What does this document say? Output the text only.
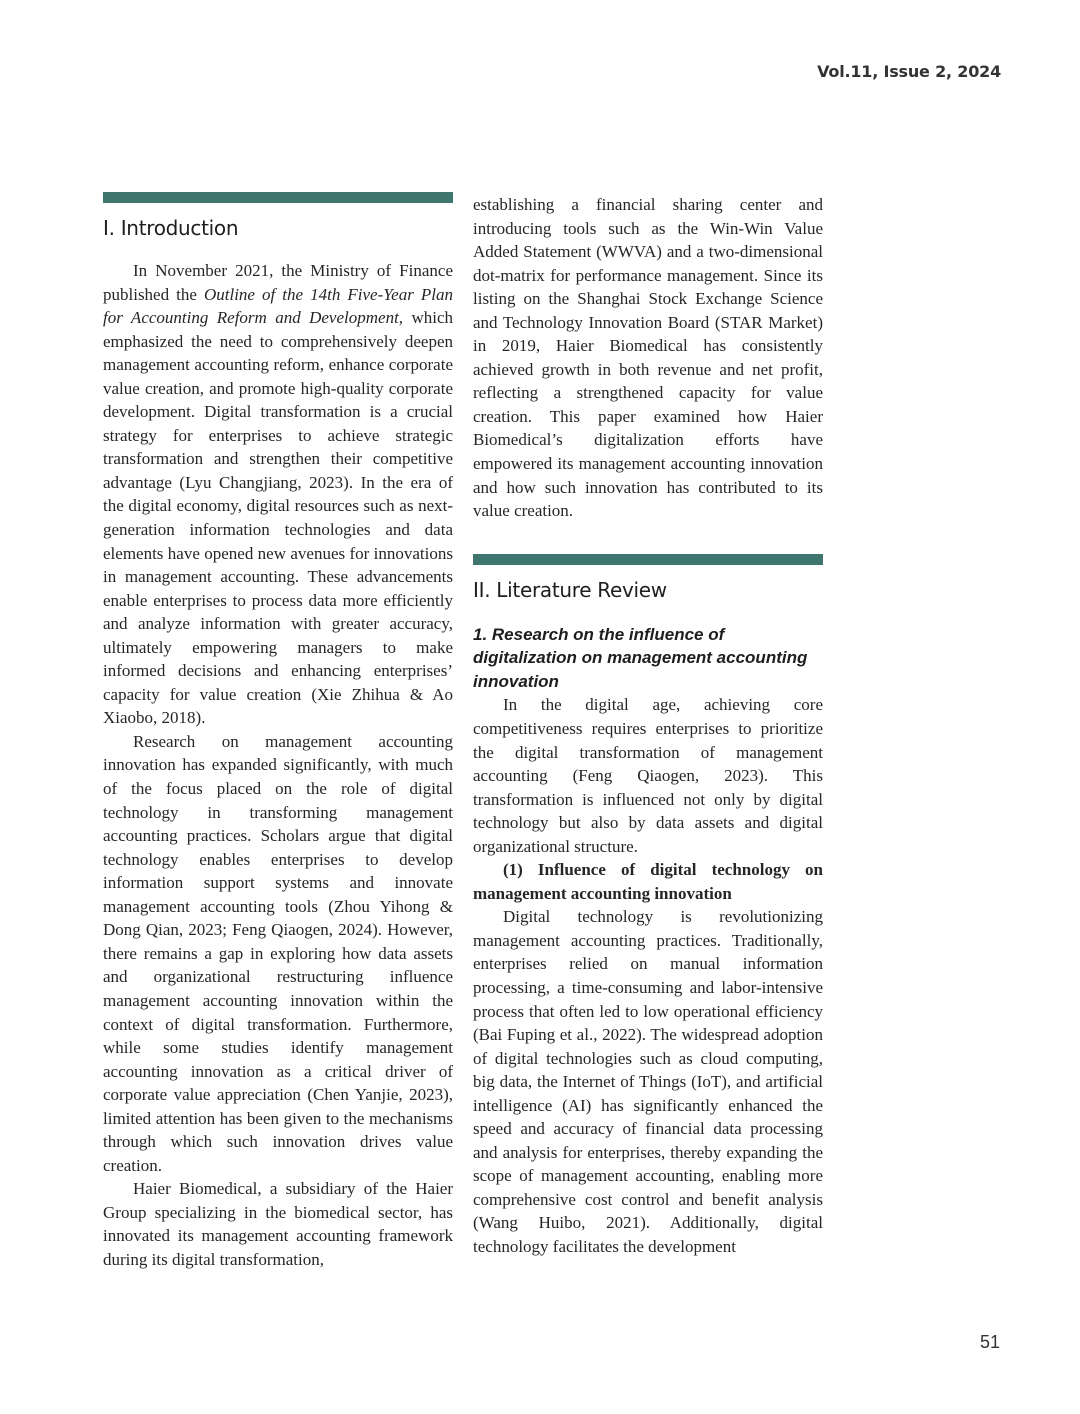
Vol.11, Issue 2, 2024
I. Introduction

In November 2021, the Ministry of Finance published the Outline of the 14th Five-Year Plan for Accounting Reform and Development, which emphasized the need to comprehensively deepen management accounting reform, enhance corporate value creation, and promote high-quality corporate development. Digital transformation is a crucial strategy for enterprises to achieve strategic transformation and strengthen their competitive advantage (Lyu Changjiang, 2023). In the era of the digital economy, digital resources such as next-generation information technologies and data elements have opened new avenues for innovations in management accounting. These advancements enable enterprises to process data more efficiently and analyze information with greater accuracy, ultimately empowering managers to make informed decisions and enhancing enterprises’ capacity for value creation (Xie Zhihua & Ao Xiaobo, 2018).

Research on management accounting innovation has expanded significantly, with much of the focus placed on the role of digital technology in transforming management accounting practices. Scholars argue that digital technology enables enterprises to develop information support systems and innovate management accounting tools (Zhou Yihong & Dong Qian, 2023; Feng Qiaogen, 2024). However, there remains a gap in exploring how data assets and organizational restructuring influence management accounting innovation within the context of digital transformation. Furthermore, while some studies identify management accounting innovation as a critical driver of corporate value appreciation (Chen Yanjie, 2023), limited attention has been given to the mechanisms through which such innovation drives value creation.

Haier Biomedical, a subsidiary of the Haier Group specializing in the biomedical sector, has innovated its management accounting framework during its digital transformation,

establishing a financial sharing center and introducing tools such as the Win-Win Value Added Statement (WWVA) and a two-dimensional dot-matrix for performance management. Since its listing on the Shanghai Stock Exchange Science and Technology Innovation Board (STAR Market) in 2019, Haier Biomedical has consistently achieved growth in both revenue and net profit, reflecting a strengthened capacity for value creation. This paper examined how Haier Biomedical’s digitalization efforts have empowered its management accounting innovation and how such innovation has contributed to its value creation.

II. Literature Review
1. Research on the influence of digitalization on management accounting innovation

In the digital age, achieving core competitiveness requires enterprises to prioritize the digital transformation of management accounting (Feng Qiaogen, 2023). This transformation is influenced not only by digital technology but also by data assets and digital organizational structure.

(1) Influence of digital technology on management accounting innovation

Digital technology is revolutionizing management accounting practices. Traditionally, enterprises relied on manual information processing, a time-consuming and labor-intensive process that often led to low operational efficiency (Bai Fuping et al., 2022). The widespread adoption of digital technologies such as cloud computing, big data, the Internet of Things (IoT), and artificial intelligence (AI) has significantly enhanced the speed and accuracy of financial data processing and analysis for enterprises, thereby expanding the scope of management accounting, enabling more comprehensive cost control and benefit analysis (Wang Huibo, 2021). Additionally, digital technology facilitates the development

51
